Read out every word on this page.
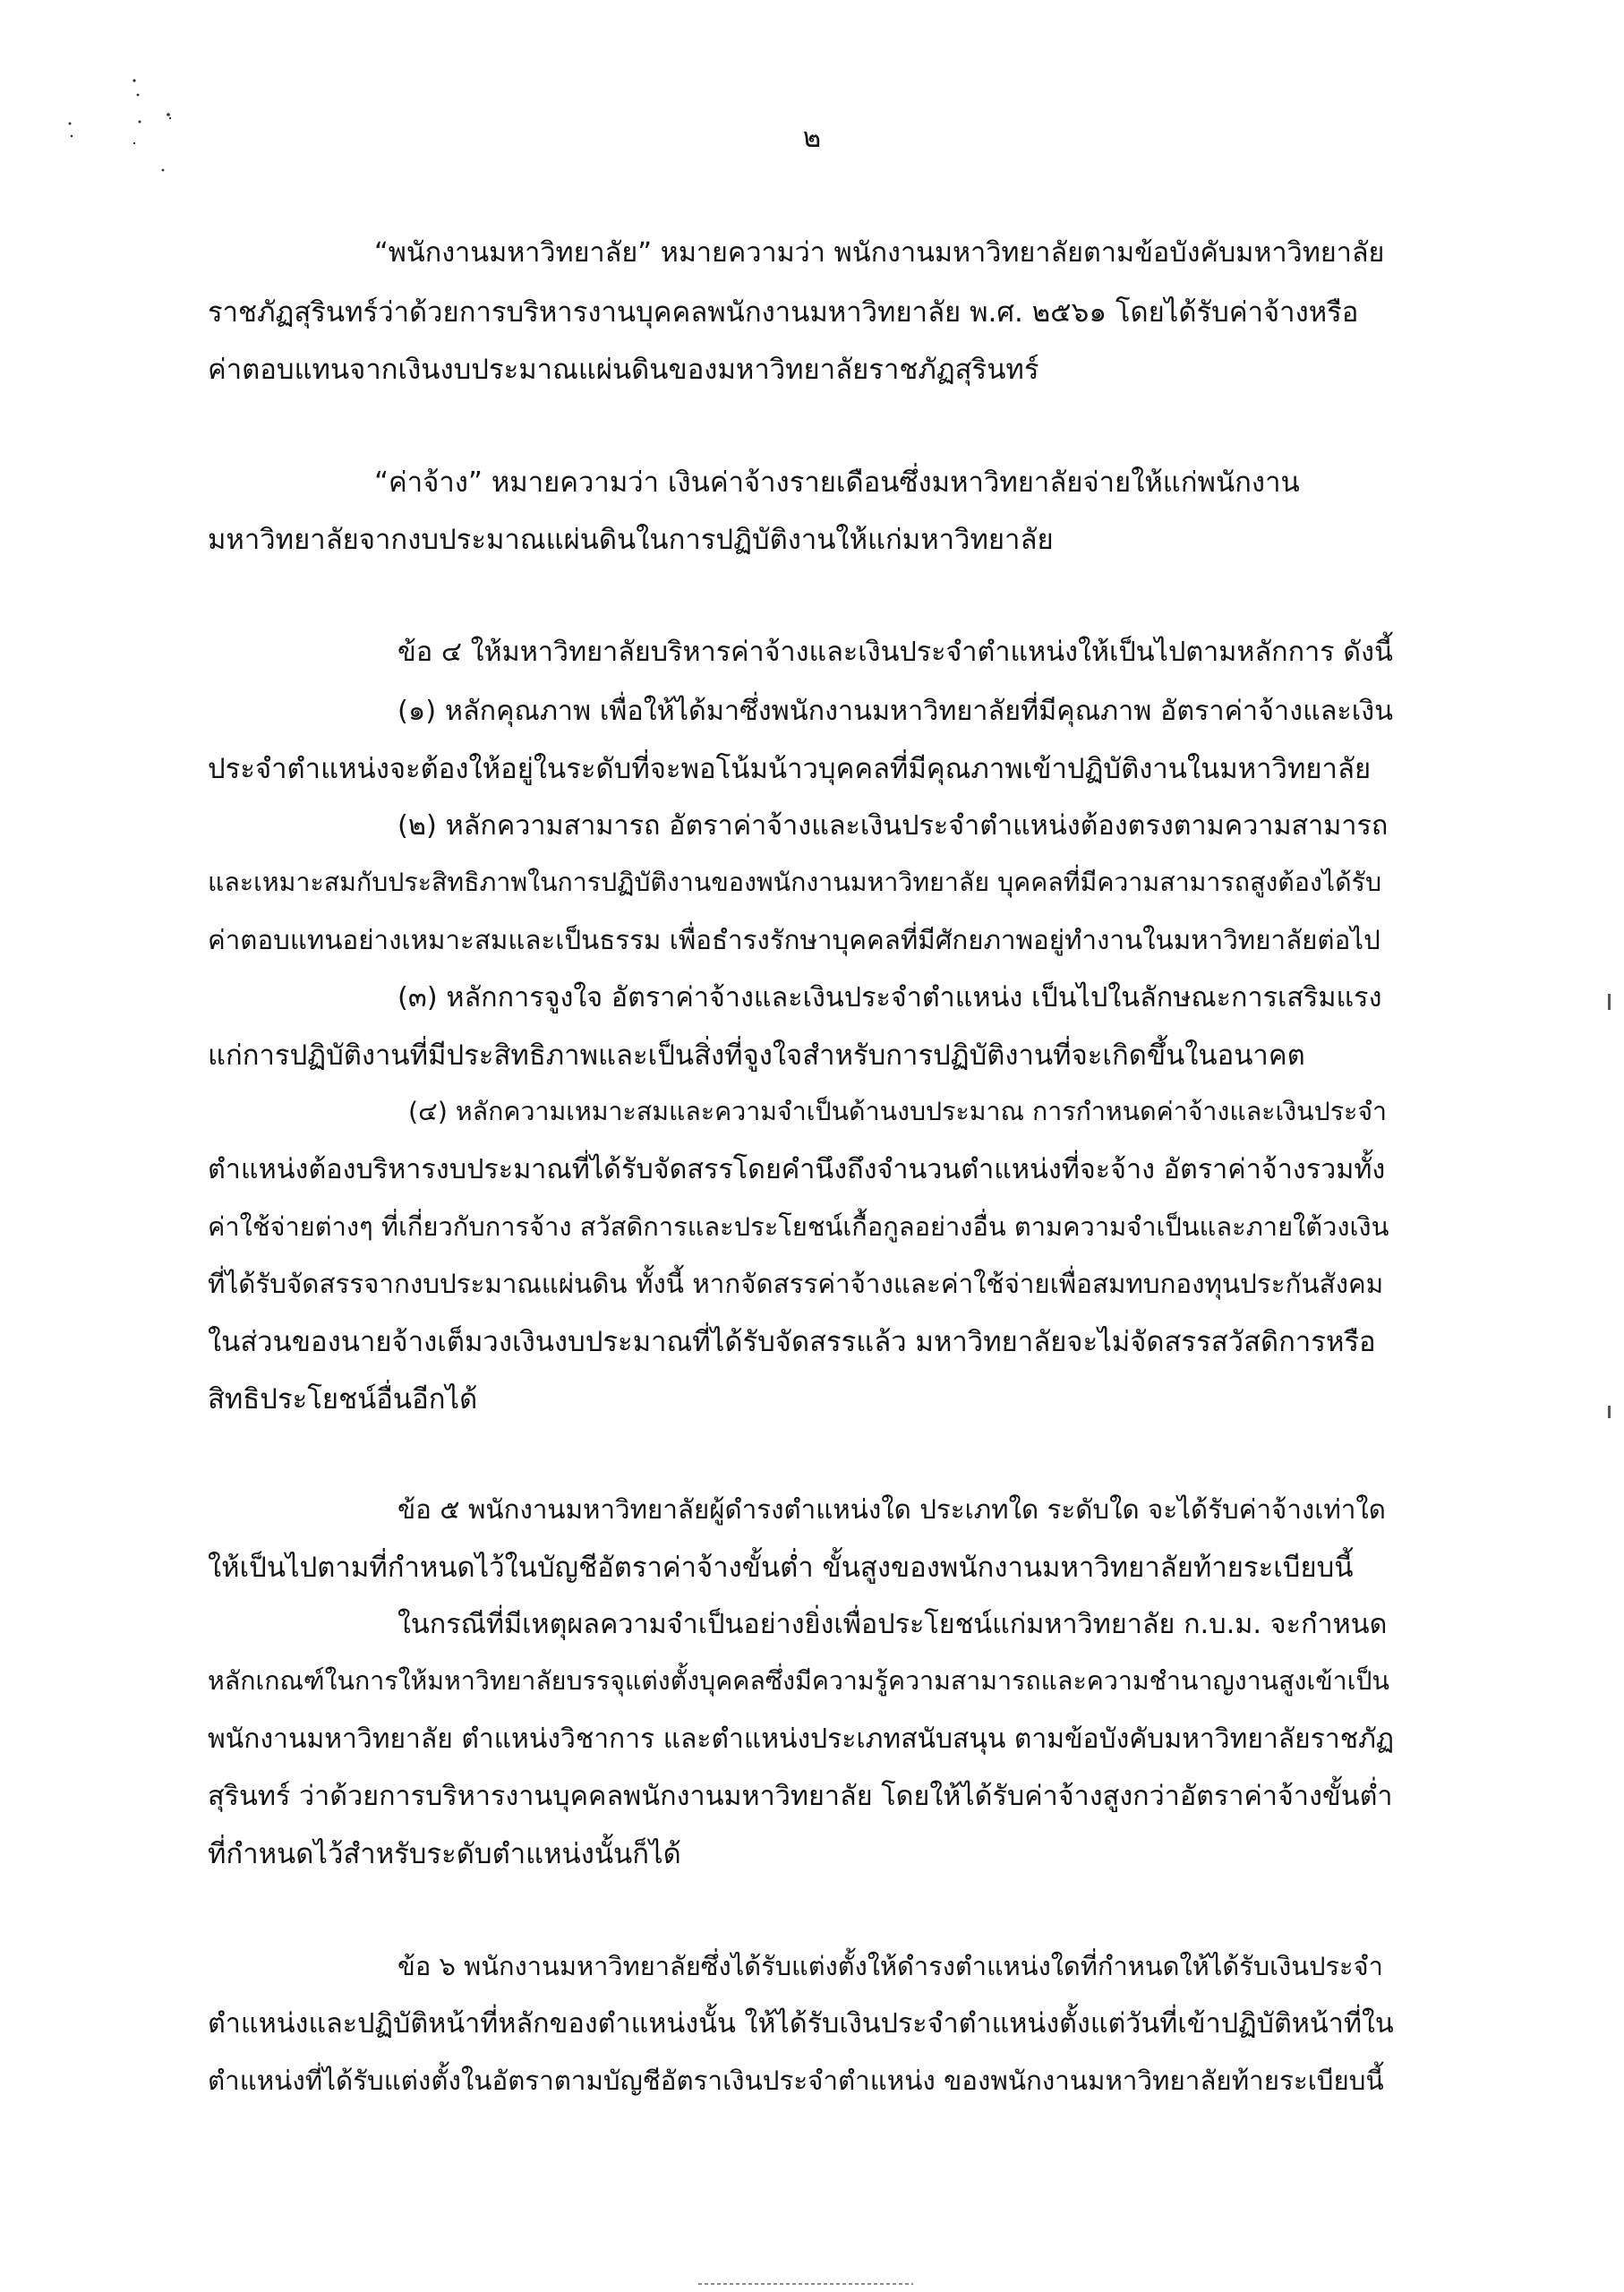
๒
“พนักงานมหาวิทยาลัย” หมายความว่า พนักงานมหาวิทยาลัยตามข้อบังคับมหาวิทยาลัย
ราชภัฏสุรินทร์ว่าด้วยการบริหารงานบุคคลพนักงานมหาวิทยาลัย พ.ศ. ๒๕๖๑ โดยได้รับค่าจ้างหรือ
ค่าตอบแทนจากเงินงบประมาณแผ่นดินของมหาวิทยาลัยราชภัฏสุรินทร์
“ค่าจ้าง” หมายความว่า เงินค่าจ้างรายเดือนซึ่งมหาวิทยาลัยจ่ายให้แก่พนักงาน
มหาวิทยาลัยจากงบประมาณแผ่นดินในการปฏิบัติงานให้แก่มหาวิทยาลัย
ข้อ ๔ ให้มหาวิทยาลัยบริหารค่าจ้างและเงินประจำตำแหน่งให้เป็นไปตามหลักการ ดังนี้
(๑) หลักคุณภาพ เพื่อให้ได้มาซึ่งพนักงานมหาวิทยาลัยที่มีคุณภาพ อัตราค่าจ้างและเงิน
ประจำตำแหน่งจะต้องให้อยู่ในระดับที่จะพอโน้มน้าวบุคคลที่มีคุณภาพเข้าปฏิบัติงานในมหาวิทยาลัย
(๒) หลักความสามารถ อัตราค่าจ้างและเงินประจำตำแหน่งต้องตรงตามความสามารถ
และเหมาะสมกับประสิทธิภาพในการปฏิบัติงานของพนักงานมหาวิทยาลัย บุคคลที่มีความสามารถสูงต้องได้รับ
ค่าตอบแทนอย่างเหมาะสมและเป็นธรรม เพื่อธำรงรักษาบุคคลที่มีศักยภาพอยู่ทำงานในมหาวิทยาลัยต่อไป
(๓) หลักการจูงใจ อัตราค่าจ้างและเงินประจำตำแหน่ง เป็นไปในลักษณะการเสริมแรง
แก่การปฏิบัติงานที่มีประสิทธิภาพและเป็นสิ่งที่จูงใจสำหรับการปฏิบัติงานที่จะเกิดขึ้นในอนาคต
(๔) หลักความเหมาะสมและความจำเป็นด้านงบประมาณ การกำหนดค่าจ้างและเงินประจำ
ตำแหน่งต้องบริหารงบประมาณที่ได้รับจัดสรรโดยคำนึงถึงจำนวนตำแหน่งที่จะจ้าง อัตราค่าจ้างรวมทั้ง
ค่าใช้จ่ายต่างๆ ที่เกี่ยวกับการจ้าง สวัสดิการและประโยชน์เกื้อกูลอย่างอื่น ตามความจำเป็นและภายใต้วงเงิน
ที่ได้รับจัดสรรจากงบประมาณแผ่นดิน ทั้งนี้ หากจัดสรรค่าจ้างและค่าใช้จ่ายเพื่อสมทบกองทุนประกันสังคม
ในส่วนของนายจ้างเต็มวงเงินงบประมาณที่ได้รับจัดสรรแล้ว มหาวิทยาลัยจะไม่จัดสรรสวัสดิการหรือ
สิทธิประโยชน์อื่นอีกได้
ข้อ ๕ พนักงานมหาวิทยาลัยผู้ดำรงตำแหน่งใด ประเภทใด ระดับใด จะได้รับค่าจ้างเท่าใด
ให้เป็นไปตามที่กำหนดไว้ในบัญชีอัตราค่าจ้างขั้นต่ำ ขั้นสูงของพนักงานมหาวิทยาลัยท้ายระเบียบนี้
ในกรณีที่มีเหตุผลความจำเป็นอย่างยิ่งเพื่อประโยชน์แก่มหาวิทยาลัย ก.บ.ม. จะกำหนด
หลักเกณฑ์ในการให้มหาวิทยาลัยบรรจุแต่งตั้งบุคคลซึ่งมีความรู้ความสามารถและความชำนาญงานสูงเข้าเป็น
พนักงานมหาวิทยาลัย ตำแหน่งวิชาการ และตำแหน่งประเภทสนับสนุน ตามข้อบังคับมหาวิทยาลัยราชภัฏ
สุรินทร์ ว่าด้วยการบริหารงานบุคคลพนักงานมหาวิทยาลัย โดยให้ได้รับค่าจ้างสูงกว่าอัตราค่าจ้างขั้นต่ำ
ที่กำหนดไว้สำหรับระดับตำแหน่งนั้นก็ได้
ข้อ ๖ พนักงานมหาวิทยาลัยซึ่งได้รับแต่งตั้งให้ดำรงตำแหน่งใดที่กำหนดให้ได้รับเงินประจำ
ตำแหน่งและปฏิบัติหน้าที่หลักของตำแหน่งนั้น ให้ได้รับเงินประจำตำแหน่งตั้งแต่วันที่เข้าปฏิบัติหน้าที่ใน
ตำแหน่งที่ได้รับแต่งตั้งในอัตราตามบัญชีอัตราเงินประจำตำแหน่ง ของพนักงานมหาวิทยาลัยท้ายระเบียบนี้
